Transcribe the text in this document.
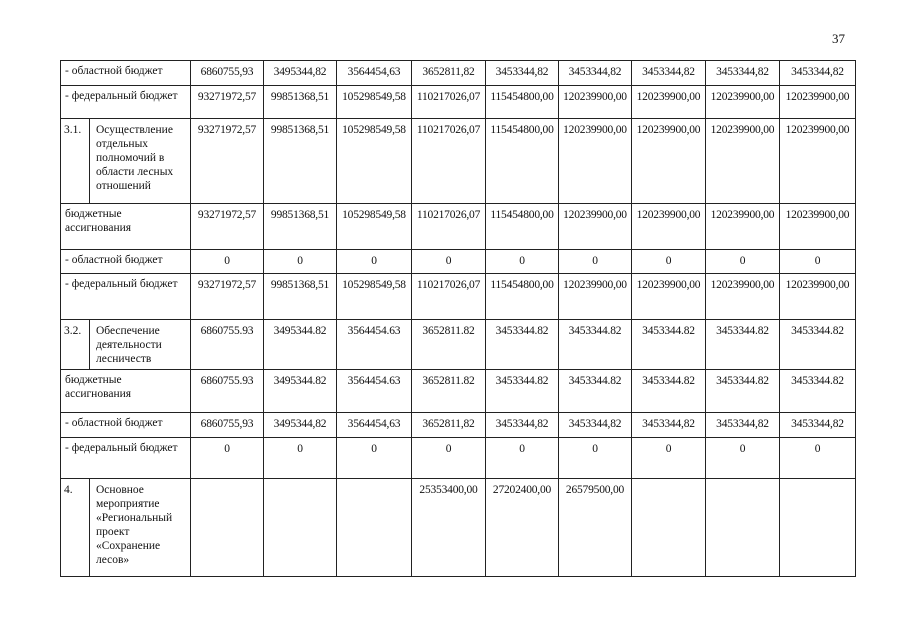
37
- областной бюджет		6860755,93	3495344,82	3564454,63	3652811,82	3453344,82	3453344,82	3453344,82	3453344,82	3453344,82
- федеральный бюджет		93271972,57	99851368,51	105298549,58	110217026,07	115454800,00	120239900,00	120239900,00	120239900,00	120239900,00
3.1.	Осуществление отдельных полномочий в области лесных отношений	93271972,57	99851368,51	105298549,58	110217026,07	115454800,00	120239900,00	120239900,00	120239900,00	120239900,00
бюджетные ассигнования		93271972,57	99851368,51	105298549,58	110217026,07	115454800,00	120239900,00	120239900,00	120239900,00	120239900,00
- областной бюджет		0	0	0	0	0	0	0	0	0
- федеральный бюджет		93271972,57	99851368,51	105298549,58	110217026,07	115454800,00	120239900,00	120239900,00	120239900,00	120239900,00
3.2.	Обеспечение деятельности лесничеств	6860755.93	3495344.82	3564454.63	3652811.82	3453344.82	3453344.82	3453344.82	3453344.82	3453344.82
бюджетные ассигнования		6860755.93	3495344.82	3564454.63	3652811.82	3453344.82	3453344.82	3453344.82	3453344.82	3453344.82
- областной бюджет		6860755,93	3495344,82	3564454,63	3652811,82	3453344,82	3453344,82	3453344,82	3453344,82	3453344,82
- федеральный бюджет		0	0	0	0	0	0	0	0	0
4.	Основное мероприятие «Региональный проект «Сохранение лесов»				25353400,00	27202400,00	26579500,00			
